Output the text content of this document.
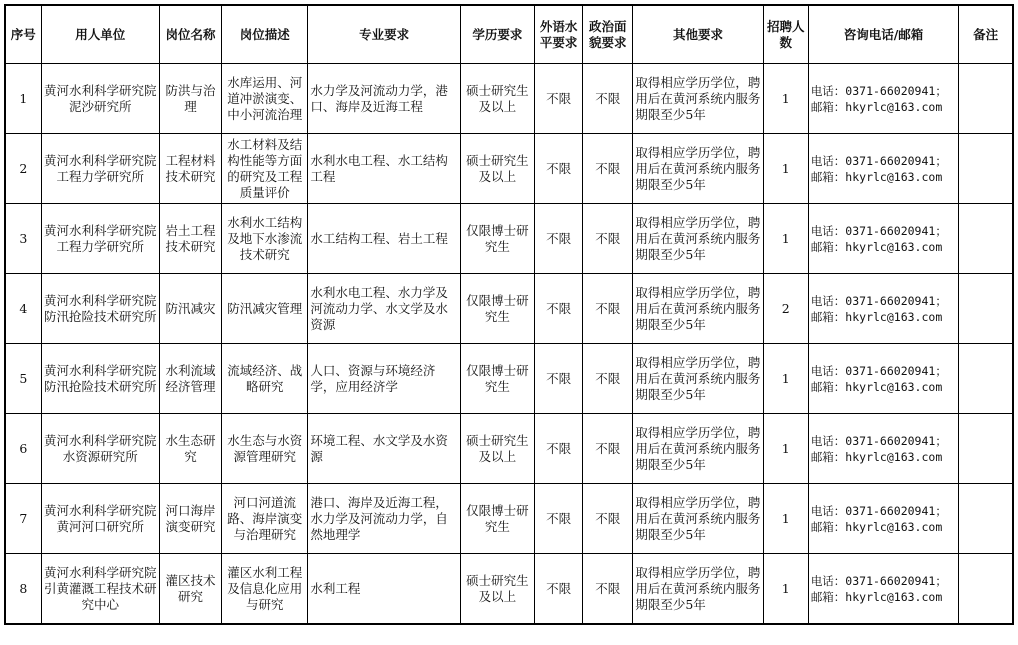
序号	用人单位	岗位名称	岗位描述	专业要求	学历要求	外语水平要求	政治面貌要求	其他要求	招聘人数	咨询电话/邮箱	备注
1	黄河水利科学研究院泥沙研究所	防洪与治理	水库运用、河道冲淤演变、中小河流治理	水力学及河流动力学，港口、海岸及近海工程	硕士研究生及以上	不限	不限	取得相应学历学位，聘用后在黄河系统内服务期限至少5年	1	电话：0371-66020941；
邮箱：hkyrlc@163.com	

2	黄河水利科学研究院工程力学研究所	工程材料技术研究	水工材料及结构性能等方面的研究及工程质量评价	水利水电工程、水工结构工程	硕士研究生及以上	不限	不限	取得相应学历学位，聘用后在黄河系统内服务期限至少5年	1	电话：0371-66020941；
邮箱：hkyrlc@163.com	

3	黄河水利科学研究院工程力学研究所	岩土工程技术研究	水利水工结构及地下水渗流技术研究	水工结构工程、岩土工程	仅限博士研究生	不限	不限	取得相应学历学位，聘用后在黄河系统内服务期限至少5年	1	电话：0371-66020941；
邮箱：hkyrlc@163.com	

4	黄河水利科学研究院防汛抢险技术研究所	防汛减灾	防汛减灾管理	水利水电工程、水力学及河流动力学、水文学及水资源	仅限博士研究生	不限	不限	取得相应学历学位，聘用后在黄河系统内服务期限至少5年	2	电话：0371-66020941；
邮箱：hkyrlc@163.com	

5	黄河水利科学研究院防汛抢险技术研究所	水利流域经济管理	流域经济、战略研究	人口、资源与环境经济学，应用经济学	仅限博士研究生	不限	不限	取得相应学历学位，聘用后在黄河系统内服务期限至少5年	1	电话：0371-66020941；
邮箱：hkyrlc@163.com	

6	黄河水利科学研究院水资源研究所	水生态研究	水生态与水资源管理研究	环境工程、水文学及水资源	硕士研究生及以上	不限	不限	取得相应学历学位，聘用后在黄河系统内服务期限至少5年	1	电话：0371-66020941；
邮箱：hkyrlc@163.com	

7	黄河水利科学研究院黄河河口研究所	河口海岸演变研究	河口河道流路、海岸演变与治理研究	港口、海岸及近海工程，水力学及河流动力学，自然地理学	仅限博士研究生	不限	不限	取得相应学历学位，聘用后在黄河系统内服务期限至少5年	1	电话：0371-66020941；
邮箱：hkyrlc@163.com	

8	黄河水利科学研究院引黄灌溉工程技术研究中心	灌区技术研究	灌区水利工程及信息化应用与研究	水利工程	硕士研究生及以上	不限	不限	取得相应学历学位，聘用后在黄河系统内服务期限至少5年	1	电话：0371-66020941；
邮箱：hkyrlc@163.com	
